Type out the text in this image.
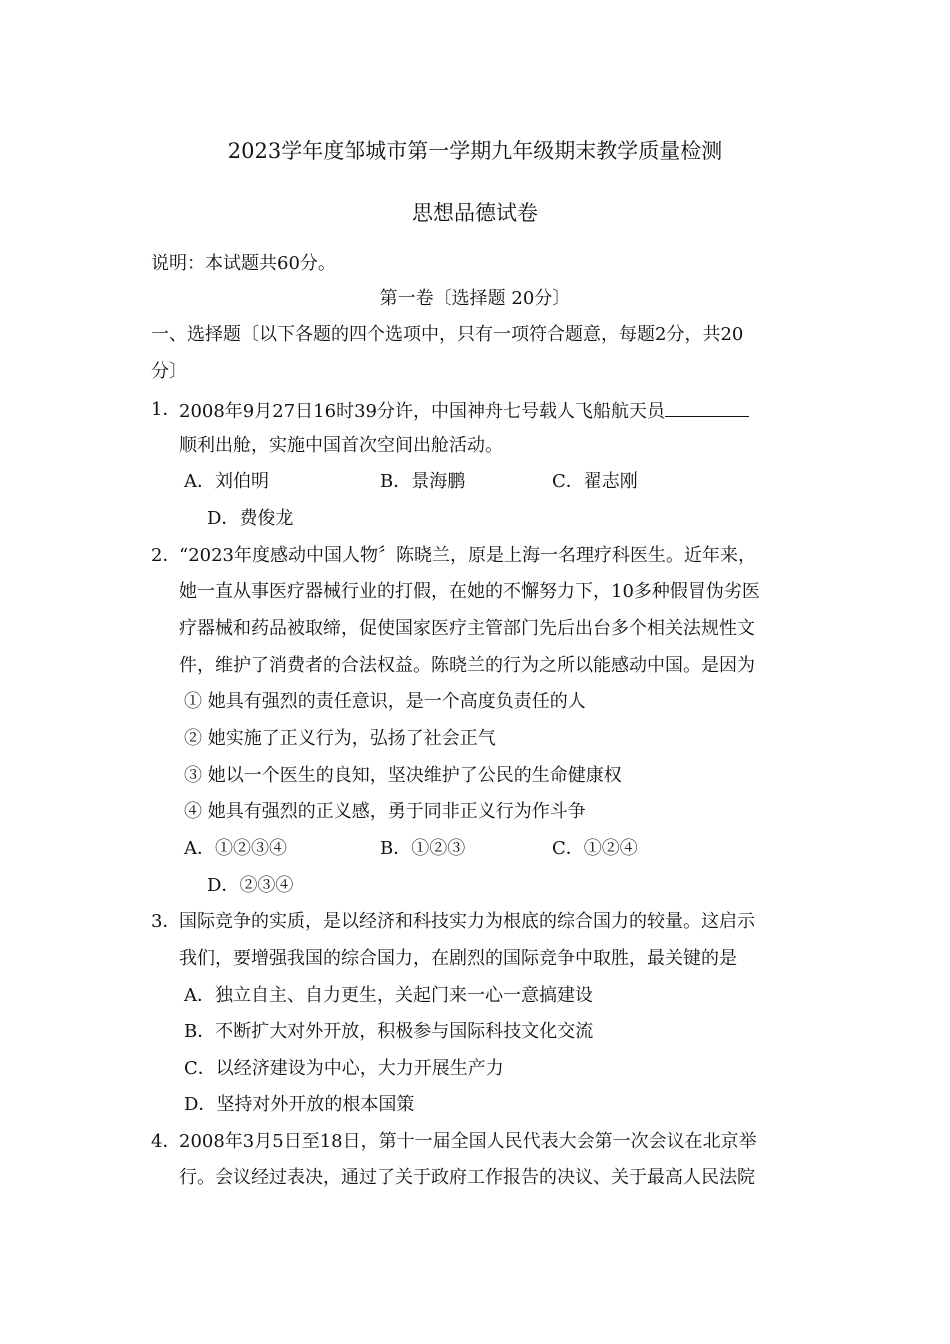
2023学年度邹城市第一学期九年级期末教学质量检测
思想品德试卷
说明：本试题共60分。
第一卷〔选择题 20分〕
一、选择题〔以下各题的四个选项中，只有一项符合题意，每题2分，共20
分〕
1．
2008年9月27日16时39分许，中国神舟七号载人飞船航天员
顺利出舱，实施中国首次空间出舱活动。
A．刘伯明	B．景海鹏	C．翟志刚
D．费俊龙
2．
“2023年度感动中国人物〞陈晓兰，原是上海一名理疗科医生。近年来，
她一直从事医疗器械行业的打假，在她的不懈努力下，10多种假冒伪劣医
疗器械和药品被取缔，促使国家医疗主管部门先后出台多个相关法规性文
件，维护了消费者的合法权益。陈晓兰的行为之所以能感动中国。是因为
① 她具有强烈的责任意识，是一个高度负责任的人
② 她实施了正义行为，弘扬了社会正气
③ 她以一个医生的良知，坚决维护了公民的生命健康权
④ 她具有强烈的正义感，勇于同非正义行为作斗争
A．①②③④	B．①②③	C．①②④
D．②③④
3．
国际竞争的实质，是以经济和科技实力为根底的综合国力的较量。这启示
我们，要增强我国的综合国力，在剧烈的国际竞争中取胜，最关键的是
A．独立自主、自力更生，关起门来一心一意搞建设
B．不断扩大对外开放，积极参与国际科技文化交流
C．以经济建设为中心，大力开展生产力
D．坚持对外开放的根本国策
4．
2008年3月5日至18日，第十一届全国人民代表大会第一次会议在北京举
行。会议经过表决，通过了关于政府工作报告的决议、关于最高人民法院
